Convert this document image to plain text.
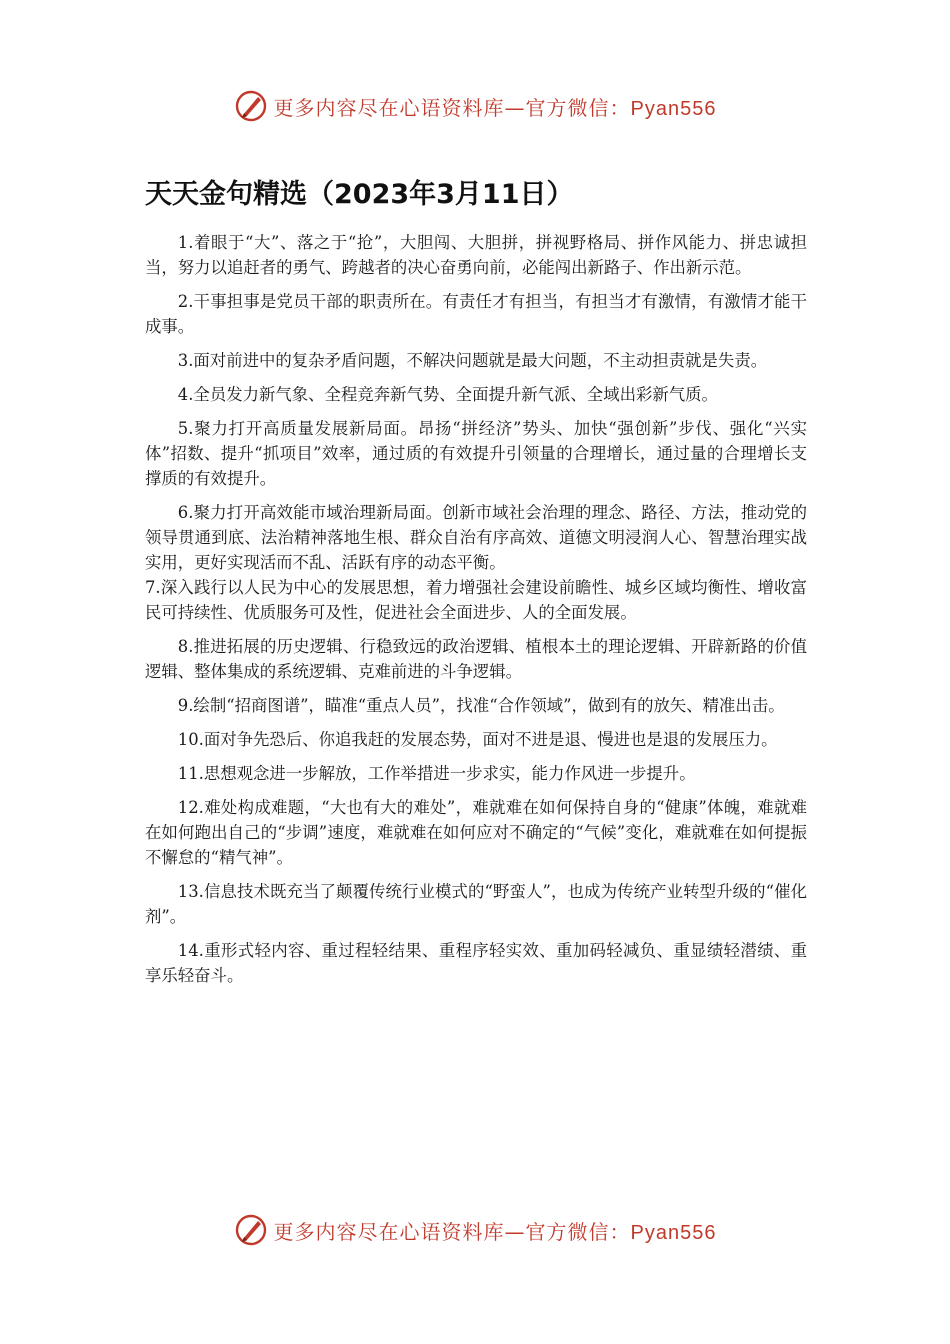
更多内容尽在心语资料库—官方微信：Pyan556
天天金句精选（2023年3月11日）

1.着眼于“大”、落之于“抢”，大胆闯、大胆拼，拼视野格局、拼作风能力、拼忠诚担当，努力以追赶者的勇气、跨越者的决心奋勇向前，必能闯出新路子、作出新示范。

2.干事担事是党员干部的职责所在。有责任才有担当，有担当才有激情，有激情才能干成事。

3.面对前进中的复杂矛盾问题，不解决问题就是最大问题，不主动担责就是失责。

4.全员发力新气象、全程竞奔新气势、全面提升新气派、全域出彩新气质。

5.聚力打开高质量发展新局面。昂扬“拼经济”势头、加快“强创新”步伐、强化“兴实体”招数、提升“抓项目”效率，通过质的有效提升引领量的合理增长，通过量的合理增长支撑质的有效提升。

6.聚力打开高效能市域治理新局面。创新市域社会治理的理念、路径、方法，推动党的领导贯通到底、法治精神落地生根、群众自治有序高效、道德文明浸润人心、智慧治理实战实用，更好实现活而不乱、活跃有序的动态平衡。

7.深入践行以人民为中心的发展思想，着力增强社会建设前瞻性、城乡区域均衡性、增收富民可持续性、优质服务可及性，促进社会全面进步、人的全面发展。

8.推进拓展的历史逻辑、行稳致远的政治逻辑、植根本土的理论逻辑、开辟新路的价值逻辑、整体集成的系统逻辑、克难前进的斗争逻辑。

9.绘制“招商图谱”，瞄准“重点人员”，找准“合作领域”，做到有的放矢、精准出击。

10.面对争先恐后、你追我赶的发展态势，面对不进是退、慢进也是退的发展压力。

11.思想观念进一步解放，工作举措进一步求实，能力作风进一步提升。

12.难处构成难题，“大也有大的难处”，难就难在如何保持自身的“健康”体魄，难就难在如何跑出自己的“步调”速度，难就难在如何应对不确定的“气候”变化，难就难在如何提振不懈怠的“精气神”。

13.信息技术既充当了颠覆传统行业模式的“野蛮人”，也成为传统产业转型升级的“催化剂”。

14.重形式轻内容、重过程轻结果、重程序轻实效、重加码轻减负、重显绩轻潜绩、重享乐轻奋斗。

更多内容尽在心语资料库—官方微信：Pyan556
